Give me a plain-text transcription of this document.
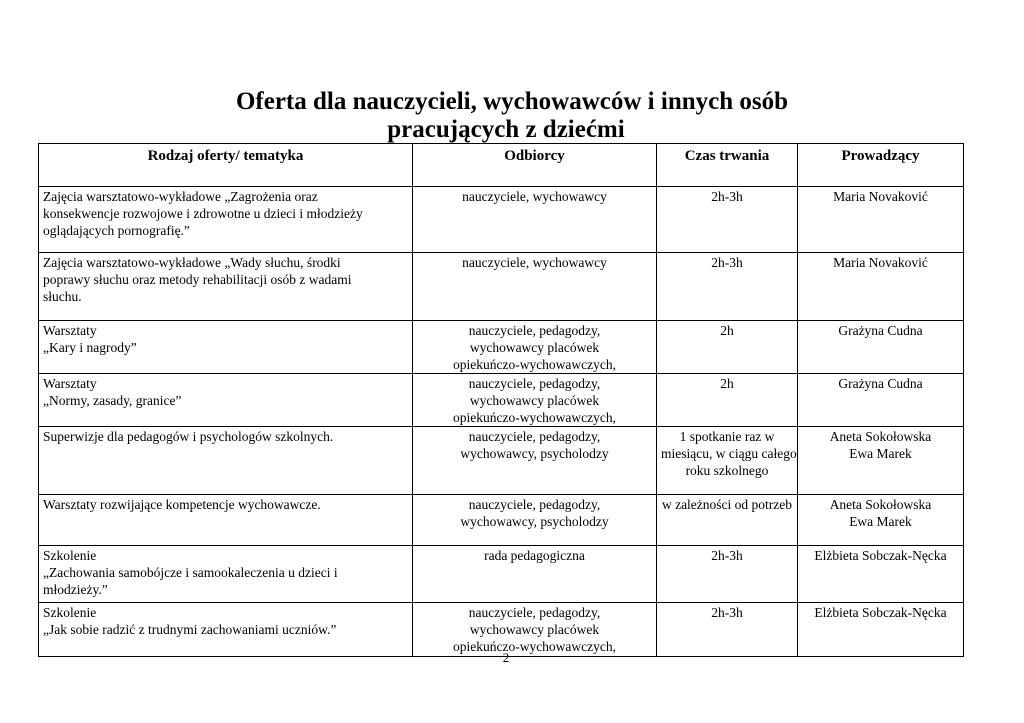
Oferta dla nauczycieli, wychowawców i innych osób
pracujących z dziećmi
Rodzaj oferty/ tematyka	Odbiorcy	Czas trwania	Prowadzący

Zajęcia warsztatowo-wykładowe „Zagrożenia oraz
konsekwencje rozwojowe i zdrowotne u dzieci i młodzieży
oglądających pornografię.”	nauczyciele, wychowawcy	2h-3h	Maria Novaković

Zajęcia warsztatowo-wykładowe „Wady słuchu, środki
poprawy słuchu oraz metody rehabilitacji osób z wadami
słuchu.	nauczyciele, wychowawcy	2h-3h	Maria Novaković

Warsztaty
„Kary i nagrody”	nauczyciele, pedagodzy,
wychowawcy placówek
opiekuńczo-wychowawczych,	2h	Grażyna Cudna

Warsztaty
„Normy, zasady, granice”	nauczyciele, pedagodzy,
wychowawcy placówek
opiekuńczo-wychowawczych,	2h	Grażyna Cudna

Superwizje dla pedagogów i psychologów szkolnych.	nauczyciele, pedagodzy,
wychowawcy, psycholodzy	1 spotkanie raz w
miesiącu, w ciągu całego
roku szkolnego	Aneta Sokołowska
Ewa Marek

Warsztaty rozwijające kompetencje wychowawcze.	nauczyciele, pedagodzy,
wychowawcy, psycholodzy	w zależności od potrzeb	Aneta Sokołowska
Ewa Marek

Szkolenie
„Zachowania samobójcze i samookaleczenia u dzieci i
młodzieży.”	rada pedagogiczna	2h-3h	Elżbieta Sobczak-Nęcka

Szkolenie
„Jak sobie radzić z trudnymi zachowaniami uczniów.”	nauczyciele, pedagodzy,
wychowawcy placówek
opiekuńczo-wychowawczych,	2h-3h	Elżbieta Sobczak-Nęcka
2
